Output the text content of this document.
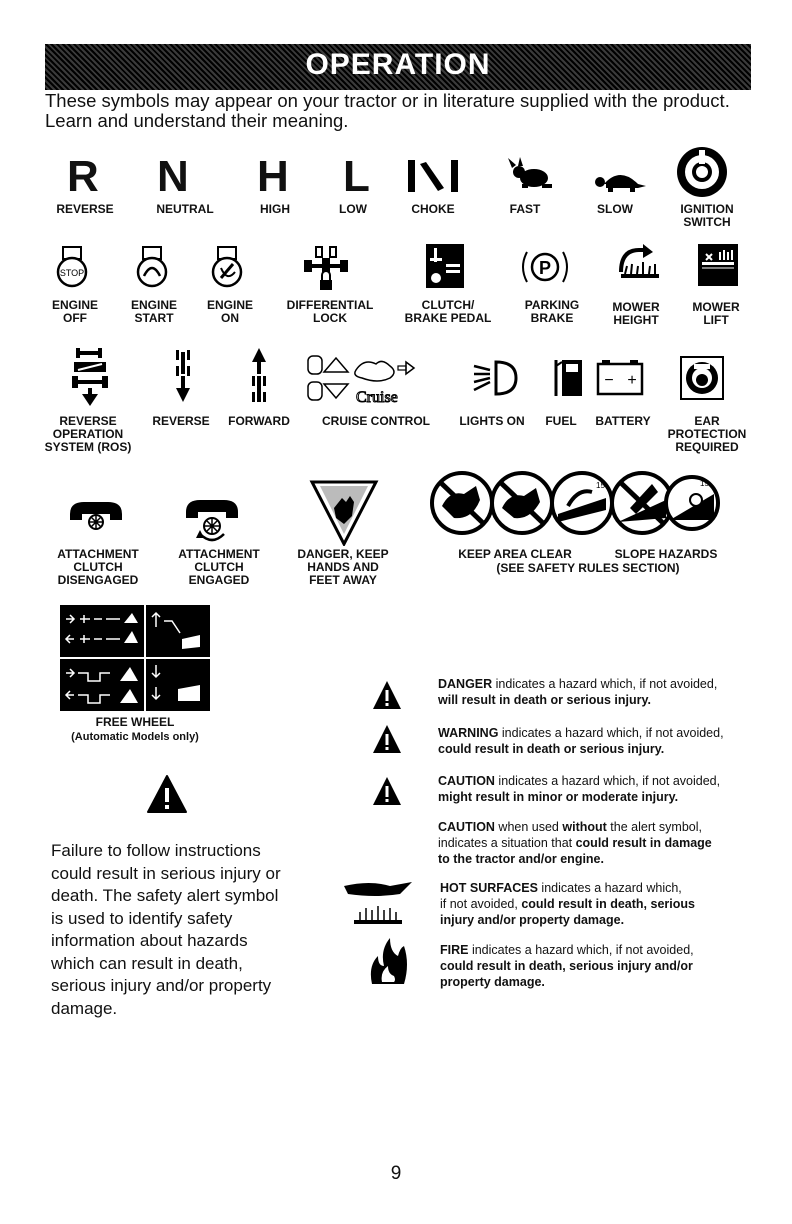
OPERATION
These symbols may appear on your tractor or in literature supplied with the product. Learn and understand their meaning.
R N H L
REVERSE	NEUTRAL	HIGH	LOW	CHOKE	FAST	SLOW	IGNITION
SWITCH
STOP	P
ENGINE
OFF
ENGINE
START
ENGINE
ON
DIFFERENTIAL
LOCK
CLUTCH/
BRAKE PEDAL
PARKING
BRAKE
MOWER
HEIGHT
MOWER
LIFT
Cruise
− +
REVERSE
OPERATION
SYSTEM (ROS)
REVERSE	FORWARD	CRUISE CONTROL	LIGHTS ON	FUEL	BATTERY	EAR
PROTECTION
REQUIRED
15	15
ATTACHMENT
CLUTCH
DISENGAGED
ATTACHMENT
CLUTCH
ENGAGED
DANGER, KEEP
HANDS AND
FEET AWAY
KEEP AREA CLEAR	SLOPE HAZARDS
(SEE SAFETY RULES SECTION)
FREE WHEEL
(Automatic Models only)
Failure to follow instructions could result in serious injury or death. The safety alert symbol is used to identify safety information about hazards which can result in death, serious injury and/or property damage.
DANGER indicates a hazard which, if not avoided,
will result in death or serious injury.
WARNING indicates a hazard which, if not avoided,
could result in death or serious injury.
CAUTION indicates a hazard which, if not avoided,
might result in minor or moderate injury.
CAUTION when used without the alert symbol,
indicates a situation that could result in damage
to the tractor and/or engine.
HOT SURFACES indicates a hazard which,
if not avoided, could result in death, serious
injury and/or property damage.
FIRE indicates a hazard which, if not avoided,
could result in death, serious injury and/or
property damage.
9
